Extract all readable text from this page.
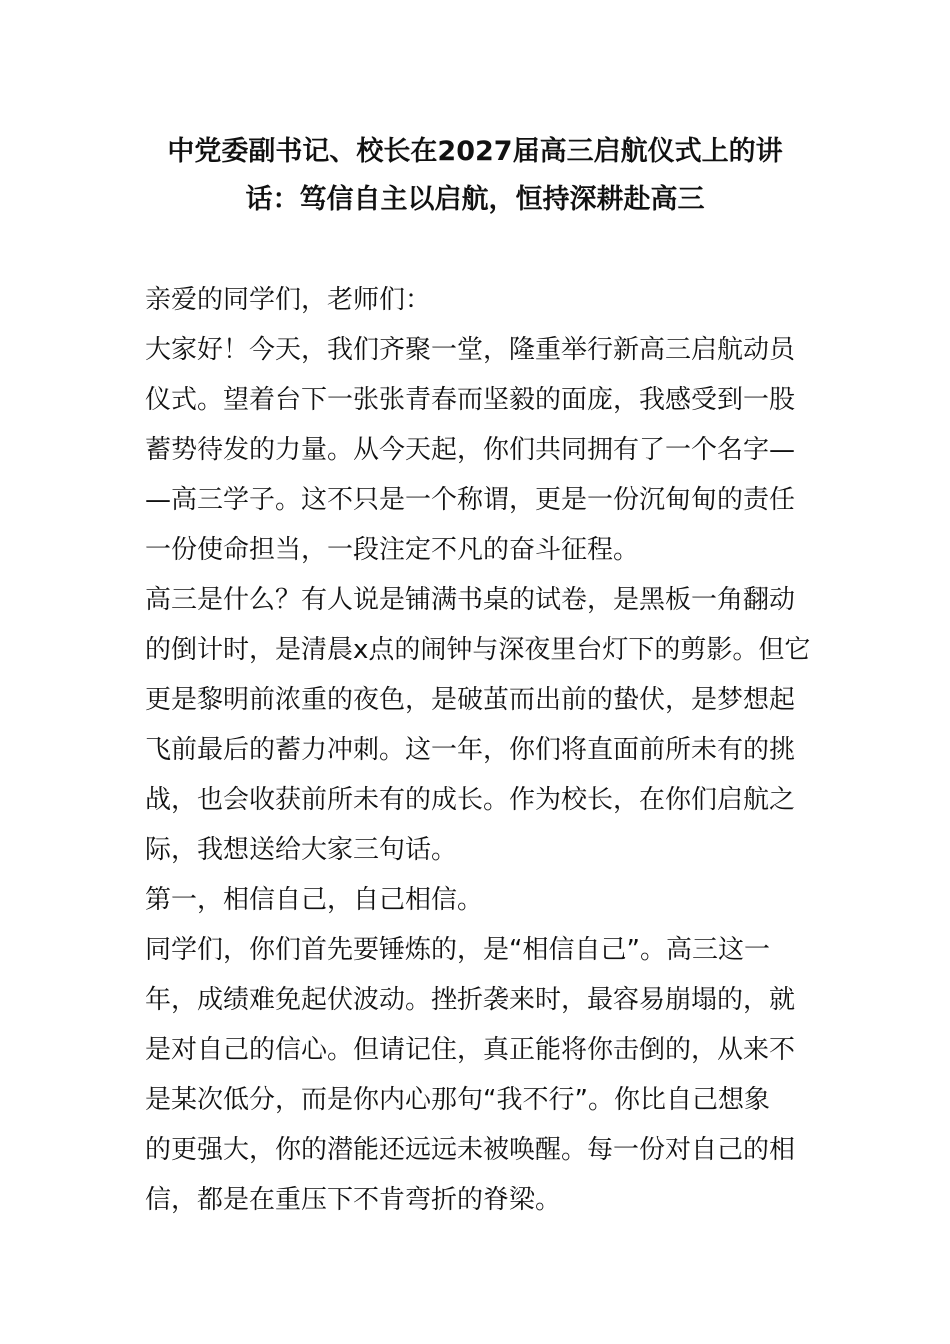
中党委副书记、校长在2027届高三启航仪式上的讲
话：笃信自主以启航，恒持深耕赴高三
亲爱的同学们，老师们：
大家好！今天，我们齐聚一堂，隆重举行新高三启航动员
仪式。望着台下一张张青春而坚毅的面庞，我感受到一股
蓄势待发的力量。从今天起，你们共同拥有了一个名字—
—高三学子。这不只是一个称谓，更是一份沉甸甸的责任
一份使命担当，一段注定不凡的奋斗征程。
高三是什么？有人说是铺满书桌的试卷，是黑板一角翻动
的倒计时，是清晨x点的闹钟与深夜里台灯下的剪影。但它
更是黎明前浓重的夜色，是破茧而出前的蛰伏，是梦想起
飞前最后的蓄力冲刺。这一年，你们将直面前所未有的挑
战，也会收获前所未有的成长。作为校长，在你们启航之
际，我想送给大家三句话。
第一，相信自己，自己相信。
同学们，你们首先要锤炼的，是“相信自己”。高三这一
年，成绩难免起伏波动。挫折袭来时，最容易崩塌的，就
是对自己的信心。但请记住，真正能将你击倒的，从来不
是某次低分，而是你内心那句“我不行”。你比自己想象
的更强大，你的潜能还远远未被唤醒。每一份对自己的相
信，都是在重压下不肯弯折的脊梁。
